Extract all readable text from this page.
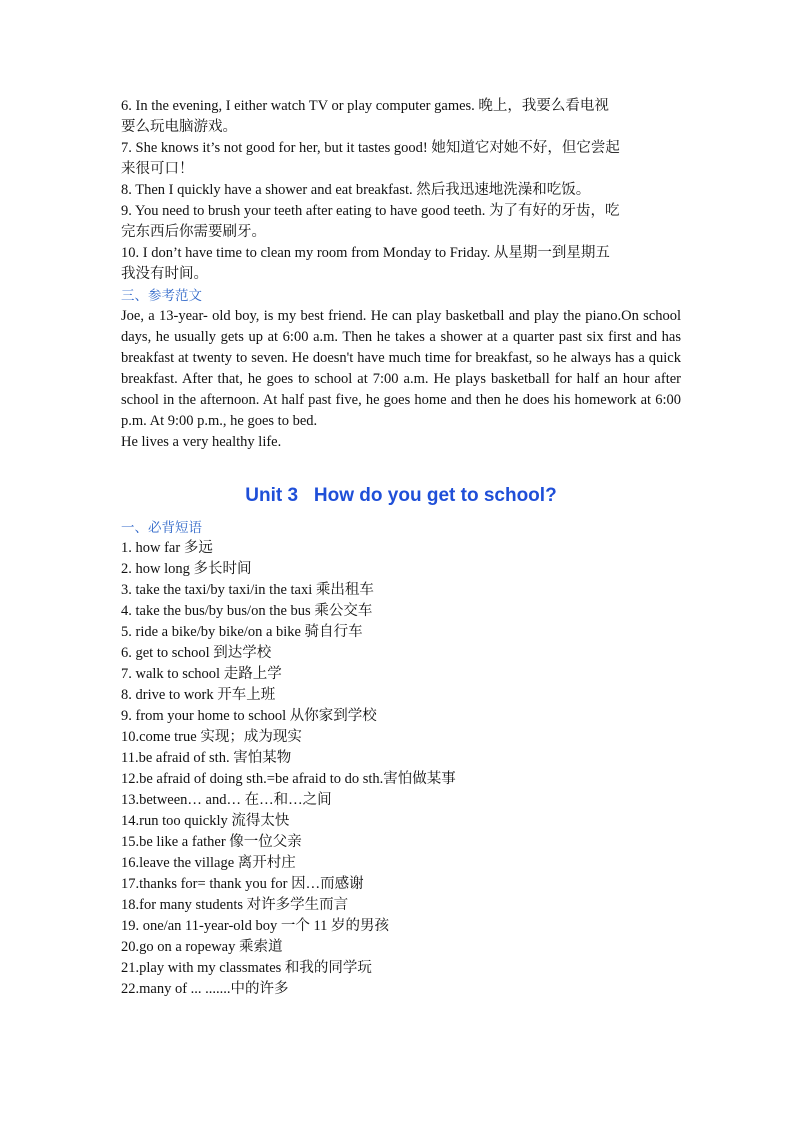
6. In the evening, I either watch TV or play computer games. 晚上，我要么看电视
要么玩电脑游戏。
7. She knows it’s not good for her, but it tastes good! 她知道它对她不好，但它尝起
来很可口！
8. Then I quickly have a shower and eat breakfast. 然后我迅速地洗澡和吃饭。
9. You need to brush your teeth after eating to have good teeth. 为了有好的牙齿，吃
完东西后你需要刷牙。
10. I don’t have time to clean my room from Monday to Friday. 从星期一到星期五
我没有时间。
三、参考范文
Joe, a 13-year- old boy, is my best friend. He can play basketball and play the piano.On school days, he usually gets up at 6:00 a.m. Then he takes a shower at a quarter past six first and has breakfast at twenty to seven. He doesn't have much time for breakfast, so he always has a quick breakfast. After that, he goes to school at 7:00 a.m. He plays basketball for half an hour after school in the afternoon. At half past five, he goes home and then he does his homework at 6:00 p.m. At 9:00 p.m., he goes to bed.
He lives a very healthy life.
Unit 3   How do you get to school?
一、必背短语
1. how far 多远
2. how long 多长时间
3. take the taxi/by taxi/in the taxi 乘出租车
4. take the bus/by bus/on the bus 乘公交车
5. ride a bike/by bike/on a bike 骑自行车
6. get to school 到达学校
7. walk to school 走路上学
8. drive to work 开车上班
9. from your home to school 从你家到学校
10.come true 实现；成为现实
11.be afraid of sth. 害怕某物
12.be afraid of doing sth.=be afraid to do sth.害怕做某事
13.between… and… 在…和…之间
14.run too quickly 流得太快
15.be like a father 像一位父亲
16.leave the village 离开村庄
17.thanks for= thank you for 因…而感谢
18.for many students 对许多学生而言
19. one/an 11-year-old boy 一个 11 岁的男孩
20.go on a ropeway 乘索道
21.play with my classmates 和我的同学玩
22.many of ... .......中的许多
